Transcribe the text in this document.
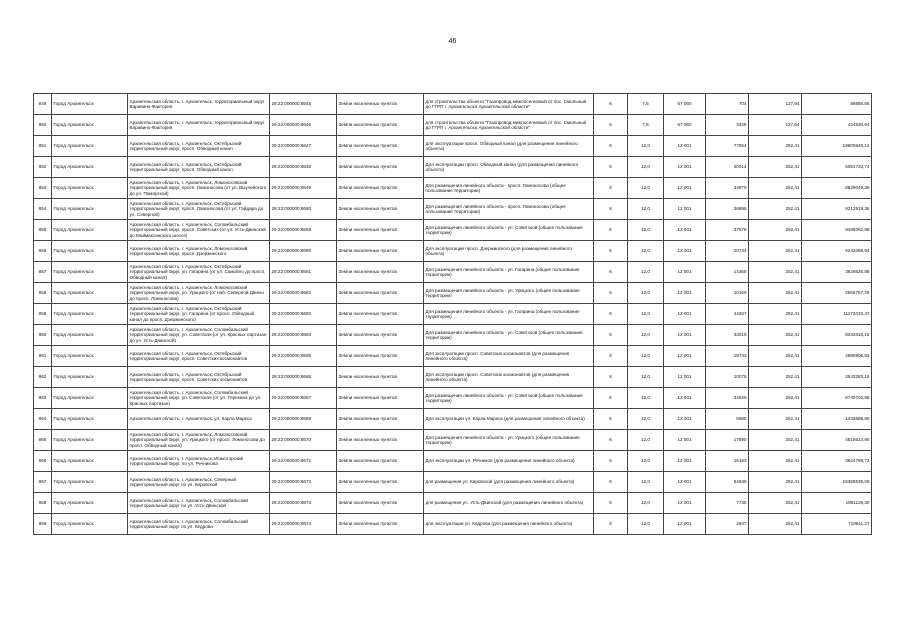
46
849	Город Архангельск	Архангельская область, г. Архангельск, территориальный округ Варавино-Фактория	29:22:000000:8645	Земли населенных пунктов	для строительства объекта "Газопровод межпоселковый от пос. Смольный до ГГРП г. Архангельска Архангельской области"	6	7,5	67 060	704	127,64	89856,56
850	Город Архангельск	Архангельская область, г. Архангельск, территориальный округ Варавино-Фактория	29:22:000000:8646	Земли населенных пунктов	для строительства объекта "Газопровод межпоселковый от пос. Смольный до ГГРП г. Архангельска Архангельской области"	6	7,5	67 060	3326	127,64	424530,64
851	Город Архангельск	Архангельская область, г. Архангельск, Октябрьский территориальный округ, просп. Обводный канал	29:22:000000:8647	Земли населенных пунктов	для эксплуатации просп. Обводный канал (для размещения линейного объекта)	6	12,0	12 001	77654	252,41	19600646,14
852	Город Архангельск	Архангельская область, г. Архангельск, Октябрьский территориальный округ, просп. Обводный канал	29:22:000000:8648	Земли населенных пунктов	Для эксплуатации просп. Обводный канал (для размещения линейного объекта)	6	12,0	12 001	20014	252,41	5051733,74
853	Город Архангельск	Архангельская область, г. Архангельск, Ломоносовский территориальный округ, просп. Ломоносова (от ул. Выучейского до ул. Поморской)	29:22:000000:8649	Земли населенных пунктов	Для размещения линейного объекта - просп. Ломоносова (общее пользование территории)	6	12,0	12 001	34979	252,41	8829049,39
854	Город Архангельск	Архангельская область, г. Архангельск, Октябрьский территориальный округ, просп. Ломоносова (от ул. Гайдара до ул. Северной)	29:22:000000:8650	Земли населенных пунктов	Для размещения линейного объекта - просп. Ломоносова (общее пользование территории)	6	12,0	12 001	36896	252,41	9312919,36
855	Город Архангельск	Архангельская область, г. Архангельск, Соломбальский территориальный округ, просп. Советских (от ул. Усть-Двинской до Маймаксанского шоссе)	29:22:000000:8659	Земли населенных пунктов	Для размещения линейного объекта - ул. Советской (общее пользование территории)	6	12,0	12 001	37578	252,41	9485062,98
856	Город Архангельск	Архангельская область, г. Архангельск, Ломоносовский территориальный округ, просп. Дзержинского	29:22:000000:8680	Земли населенных пунктов	Для эксплуатации просп. Дзержинского (для размещения линейного объекта)	6	12,0	12 001	20734	252,41	5233468,94
857	Город Архангельск	Архангельская область, г. Архангельск, Октябрьский территориальный округ, ул. Гагарина (от ул. Самойло до просп. Обводный канал)	29:22:000000:8681	Земли населенных пунктов	Для размещения линейного объекта - ул. Гагарина (общее пользование территории)	6	12,0	12 001	14368	252,41	3626626,88
858	Город Архангельск	Архангельская область, г. Архангельск, Ломоносовский территориальный округ, ул. Урицкого (от наб. Северной Двины до просп. Ломоносова)	29:22:000000:8682	Земли населенных пунктов	Для размещения линейного объекта - ул. Урицкого (общее пользование территории)	6	12,0	12 001	10169	252,41	2566757,29
859	Город Архангельск	Архангельская область, г. Архангельск, Октябрьский территориальный округ, ул. Гагарина (от просп. Обводный канал до просп. Дзержинского)	29:22:000000:8683	Земли населенных пунктов	Для размещения линейного объекта - ул. Гагарина (общее пользование территории)	6	12,0	12 001	44267	252,41	11173433,47
860	Город Архангельск	Архангельская область, г. Архангельск, Соломбальский территориальный округ, ул. Советская (от ул. Красных партизан до ул. Усть-Двинской)	29:22:000000:8684	Земли населенных пунктов	Для размещения линейного объекта - ул. Советской (общее пользование территории)	6	12,0	12 001	33015	252,41	8333316,15
861	Город Архангельск	Архангельская область, г. Архангельск, Октябрьский территориальный округ, просп. Советских космонавтов	29:22:000000:8685	Земли населенных пунктов	Для эксплуатации просп. Советских космонавтов (для размещения линейного объекта)	6	12,0	12 001	19733	252,41	4980806,53
862	Город Архангельск	Архангельская область, г. Архангельск, Октябрьский территориальный округ, просп. Советских космонавтов	29:22:000000:8686	Земли населенных пунктов	Для эксплуатации просп. Советских космонавтов (для размещения линейного объекта)	6	12,0	12 001	10076	252,41	2543283,16
863	Город Архангельск	Архангельская область, г. Архангельск, Соломбальский территориальный округ, ул. Советская (от ул. Терехина до ул. Красных партизан)	29:22:000000:8667	Земли населенных пунктов	Для размещения линейного объекта - ул. Советской (общее пользование территории)	6	12,0	12 001	34629	252,41	8740702,89
864	Город Архангельск	Архангельская область, г. Архангельск, ул. Карла Маркса	29:22:000000:8669	Земли населенных пунктов	Для эксплуатации ул. Карла Маркса (для размещения линейного объекта)	6	12,0	12 001	5680	252,41	1433688,80
865	Город Архангельск	Архангельская область, г. Архангельск, Ломоносовский территориальный округ, ул. Урицкого (от просп. Ломоносова до просп. Обводный канал)	29:22:000000:8670	Земли населенных пунктов	Для размещения линейного объекта - ул. Урицкого (общее пользование территории)	6	12,0	12 001	17890	252,41	4515614,90
866	Город Архангельск	Архангельская область, г. Архангельск, Исакогорский территориальный округ, по ул. Речникова	29:22:000000:8671	Земли населенных пунктов	Для эксплуатации ул. Речников (для размещения линейного объекта)	6	12,0	12 001	15153	252,41	3824768,73
867	Город Архангельск	Архангельская область, г. Архангельск, Северный территориальный округ по ул. Кировской	29:22:000000:8672	Земли населенных пунктов	для размещения ул. Кировской (для размещения линейного объекта)	6	12,0	12 001	64849	252,41	16368535,09
868	Город Архангельск	Архангельская область, г. Архангельск, Соломбальский территориальный округ по ул. Усть-Двинской	29:22:000000:8673	Земли населенных пунктов	для размещения ул. Усть-Двинской (для размещения линейного объекта)	6	12,0	12 001	7730	252,41	1951129,30
869	Город Архангельск	Архангельская область, г. Архангельск, Соломбальский территориальный округ по ул. Кедрова	29:22:000000:8674	Земли населенных пунктов	для эксплуатации ул. Кедрова (для размещения линейного объекта)	6	12,0	12 001	2847	252,41	718611,27
